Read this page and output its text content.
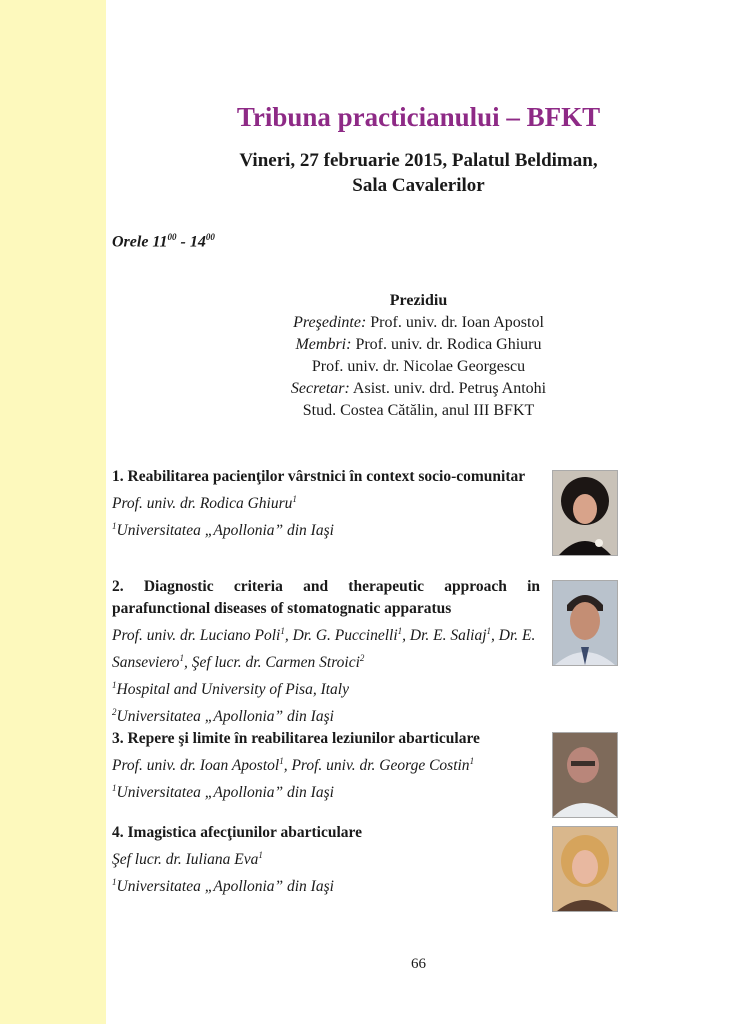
Tribuna practicianului – BFKT
Vineri, 27 februarie 2015, Palatul Beldiman,
Sala Cavalerilor
Orele $11^{00} - 14^{00}$
Prezidiu
Preşedinte: Prof. univ. dr. Ioan Apostol
Membri: Prof. univ. dr. Rodica Ghiuru
Prof. univ. dr. Nicolae Georgescu
Secretar: Asist. univ. drd. Petruş Antohi
Stud. Costea Cătălin, anul III BFKT
1. Reabilitarea pacienţilor vârstnici în context socio-comunitar
Prof. univ. dr. Rodica Ghiuru$^1$
$^1$Universitatea „Apollonia” din Iaşi
2. Diagnostic criteria and therapeutic approach in parafunctional diseases of stomatognatic apparatus
Prof. univ. dr. Luciano Poli$^1$, Dr. G. Puccinelli$^1$, Dr. E. Saliaj$^1$, Dr. E. Sanseviero$^1$, Şef lucr. dr. Carmen Stroici$^2$
$^1$Hospital and University of Pisa, Italy
$^2$Universitatea „Apollonia” din Iaşi
3. Repere şi limite în reabilitarea leziunilor abarticulare
Prof. univ. dr. Ioan Apostol$^1$, Prof. univ. dr. George Costin$^1$
$^1$Universitatea „Apollonia” din Iaşi
4. Imagistica afecţiunilor abarticulare
Şef lucr. dr. Iuliana Eva$^1$
$^1$Universitatea „Apollonia” din Iaşi
66
